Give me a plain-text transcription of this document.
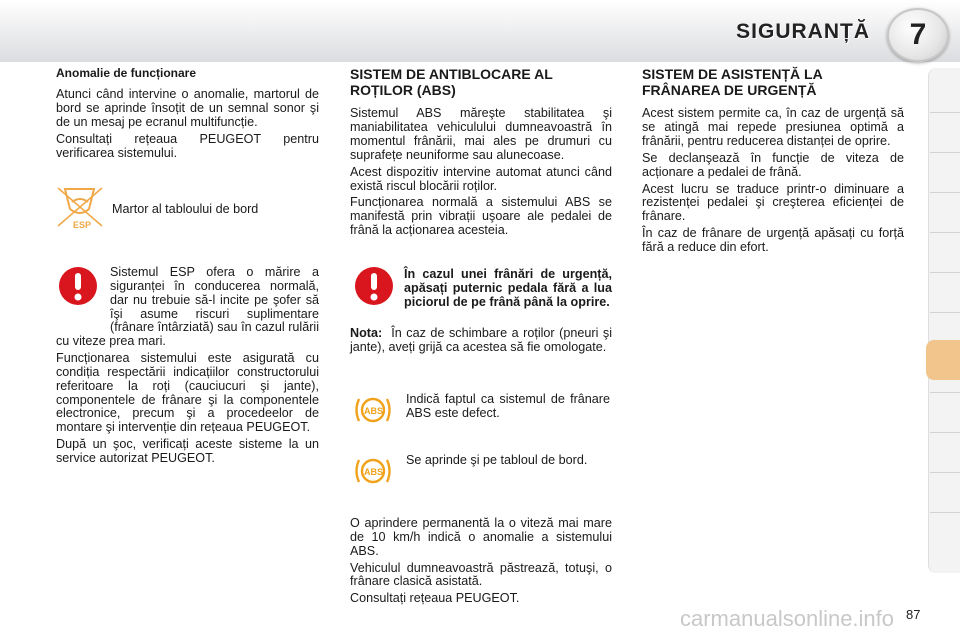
SIGURANȚĂ	7
Anomalie de funcționare

Atunci când intervine o anomalie, martorul de bord se aprinde însoțit de un semnal sonor şi de un mesaj pe ecranul multifuncție.

Consultați rețeaua PEUGEOT pentru verificarea sistemului.

ESP
Martor al tabloului de bord

Sistemul ESP ofera o mărire a siguranței în conducerea normală, dar nu trebuie să-l incite pe şofer să îşi asume riscuri suplimentare (frânare întârziată) sau în cazul rulării cu viteze prea mari.

Funcționarea sistemului este asigurată cu condiția respectării indicațiilor constructorului referitoare la roți (cauciucuri şi jante), componentele de frânare şi la componentele electronice, precum şi a procedeelor de montare şi intervenție din rețeaua PEUGEOT.

După un şoc, verificați aceste sisteme la un service autorizat PEUGEOT.

SISTEM DE ANTIBLOCARE AL ROȚILOR (ABS)

Sistemul ABS măreşte stabilitatea şi maniabilitatea vehiculului dumneavoastră în momentul frânării, mai ales pe drumuri cu suprafețe neuniforme sau alunecoase.

Acest dispozitiv intervine automat atunci când există riscul blocării roților.

Funcționarea normală a sistemului ABS se manifestă prin vibrații uşoare ale pedalei de frână la acționarea acesteia.

În cazul unei frânări de urgență, apăsați puternic pedala fără a lua piciorul de pe frână până la oprire.

Nota: În caz de schimbare a roților (pneuri şi jante), aveți grijă ca acestea să fie omologate.

ABS
Indică faptul ca sistemul de frânare ABS este defect.
ABS
Se aprinde şi pe tabloul de bord.

O aprindere permanentă la o viteză mai mare de 10 km/h indică o anomalie a sistemului ABS.

Vehiculul dumneavoastră păstrează, totuşi, o frânare clasică asistată.

Consultați rețeaua PEUGEOT.

SISTEM DE ASISTENȚĂ LA FRÂNAREA DE URGENȚĂ

Acest sistem permite ca, în caz de urgență să se atingă mai repede presiunea optimă a frânării, pentru reducerea distanței de oprire.

Se declanşează în funcție de viteza de acționare a pedalei de frână.

Acest lucru se traduce printr-o diminuare a rezistenței pedalei şi creşterea eficienței de frânare.

În caz de frânare de urgență apăsați cu forță fără a reduce din efort.

carmanualsonline.info 87
